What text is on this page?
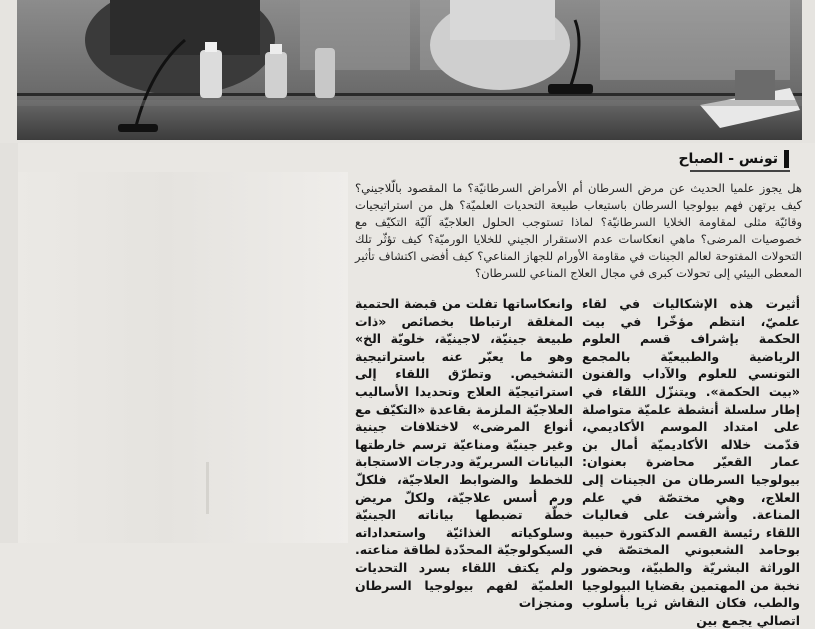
تونس - الصباح

هل يجوز علميا الحديث عن مرض السرطان أم الأمراض السرطانيّة؟ ما المقصود بالّلاجيني؟ كيف يرتهن فهم بيولوجيا السرطان باستيعاب طبيعة التحديات العلميّة؟ هل من استراتيجيات وقائيّة مثلى لمقاومة الخلايا السرطانيّة؟ لماذا تستوجب الحلول العلاجيّة آليّة التكيّف مع خصوصيات المرضى؟ ماهي انعكاسات عدم الاستقرار الجيني للخلايا الورميّة؟ كيف تؤثّر تلك التحولات المفتوحة لعالم الجينات في مقاومة الأورام للجهاز المناعي؟ كيف أفضى اكتشاف تأثير المعطى البيئي إلى تحولات كبرى في مجال العلاج المناعي للسرطان؟

أثيرت هذه الإشكاليات في لقاء علميّ، انتظم مؤخّرا في بيت الحكمة بإشراف قسم العلوم الرياضية والطبيعيّة بالمجمع التونسي للعلوم والآداب والفنون «بيت الحكمة». ويتنزّل اللقاء في إطار سلسلة أنشطة علميّة متواصلة على امتداد الموسم الأكاديمي، قدّمت خلاله الأكاديميّة أمال بن عمار القعيّر محاضرة بعنوان: بيولوجيا السرطان من الجينات إلى العلاج، وهي مختصّة في علم المناعة. وأشرفت على فعاليات اللقاء رئيسة القسم الدكتورة حبيبة بوحامد الشعبوني المختصّة في الوراثة البشريّة والطبيّة، وبحضور نخبة من المهتمين بقضايا البيولوجيا والطب، فكان النقاش ثريا بأسلوب اتصالي يجمع بين

وانعكاساتها تفلت من قبضة الحتمية المغلقة ارتباطا بخصائص «ذات طبيعة جينيّة، لاجينيّة، خلويّة الخ» وهو ما يعبّر عنه باستراتيجية التشخيص. وتطرّق اللقاء إلى استراتيجيّة العلاج وتحديدا الأساليب العلاجيّة الملزمة بقاعدة «التكيّف مع أنواع المرضى» لاختلافات جينية وغير جينيّة ومناعيّة ترسم خارطتها البيانات السريريّة ودرجات الاستجابة للخطط والضوابط العلاجيّة، فلكلّ ورم أسس علاجيّة، ولكلّ مريض خطّة تضبطها بياناته الجينيّة وسلوكياته الغذائيّة واستعداداته السيكولوجيّة المحدّدة لطاقة مناعته. ولم يكتف اللقاء بسرد التحديات العلميّة لفهم بيولوجيا السرطان ومنجزات
